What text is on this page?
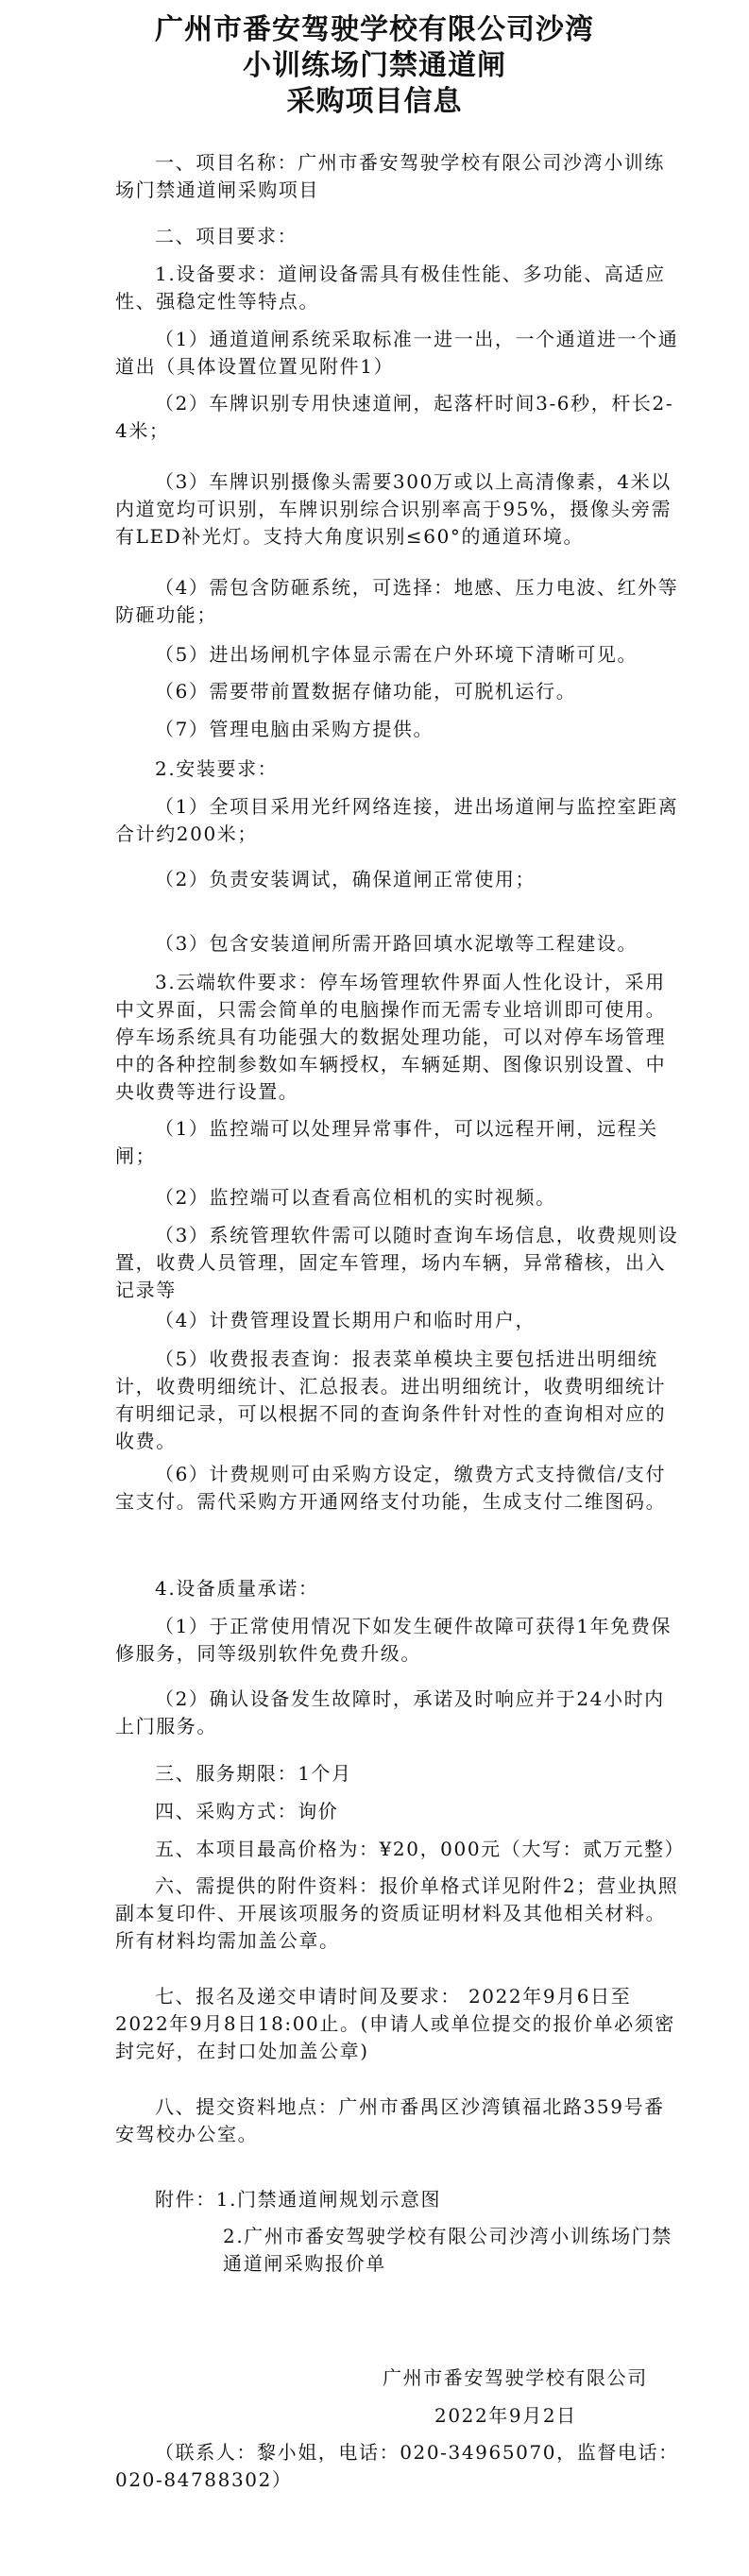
广州市番安驾驶学校有限公司沙湾
小训练场门禁通道闸
采购项目信息
一、项目名称：广州市番安驾驶学校有限公司沙湾小训练场门禁通道闸采购项目
二、项目要求：
1.设备要求：道闸设备需具有极佳性能、多功能、高适应性、强稳定性等特点。
（1）通道道闸系统采取标准一进一出，一个通道进一个通道出（具体设置位置见附件1）
（2）车牌识别专用快速道闸，起落杆时间3-6秒，杆长2-4米；
（3）车牌识别摄像头需要300万或以上高清像素，4米以内道宽均可识别，车牌识别综合识别率高于95%，摄像头旁需有LED补光灯。支持大角度识别≤60°的通道环境。
（4）需包含防砸系统，可选择：地感、压力电波、红外等防砸功能；
（5）进出场闸机字体显示需在户外环境下清晰可见。
（6）需要带前置数据存储功能，可脱机运行。
（7）管理电脑由采购方提供。
2.安装要求：
（1）全项目采用光纤网络连接，进出场道闸与监控室距离合计约200米；
（2）负责安装调试，确保道闸正常使用；
（3）包含安装道闸所需开路回填水泥墩等工程建设。
3.云端软件要求：停车场管理软件界面人性化设计，采用中文界面，只需会简单的电脑操作而无需专业培训即可使用。停车场系统具有功能强大的数据处理功能，可以对停车场管理中的各种控制参数如车辆授权，车辆延期、图像识别设置、中央收费等进行设置。
（1）监控端可以处理异常事件，可以远程开闸，远程关闸；
（2）监控端可以查看高位相机的实时视频。
（3）系统管理软件需可以随时查询车场信息，收费规则设置，收费人员管理，固定车管理，场内车辆，异常稽核，出入记录等
（4）计费管理设置长期用户和临时用户，
（5）收费报表查询：报表菜单模块主要包括进出明细统计，收费明细统计、汇总报表。进出明细统计，收费明细统计有明细记录，可以根据不同的查询条件针对性的查询相对应的收费。
（6）计费规则可由采购方设定，缴费方式支持微信/支付宝支付。需代采购方开通网络支付功能，生成支付二维图码。
4.设备质量承诺：
（1）于正常使用情况下如发生硬件故障可获得1年免费保修服务，同等级别软件免费升级。
（2）确认设备发生故障时，承诺及时响应并于24小时内上门服务。
三、服务期限：1个月
四、采购方式：询价
五、本项目最高价格为：¥20，000元（大写：贰万元整）
六、需提供的附件资料：报价单格式详见附件2；营业执照副本复印件、开展该项服务的资质证明材料及其他相关材料。所有材料均需加盖公章。
七、报名及递交申请时间及要求： 2022年9月6日至2022年9月8日18:00止。(申请人或单位提交的报价单必须密封完好，在封口处加盖公章)
八、提交资料地点：广州市番禺区沙湾镇福北路359号番安驾校办公室。
附件：1.门禁通道闸规划示意图
2.广州市番安驾驶学校有限公司沙湾小训练场门禁通道闸采购报价单
广州市番安驾驶学校有限公司
2022年9月2日
（联系人：黎小姐，电话：020-34965070，监督电话：020-84788302）
